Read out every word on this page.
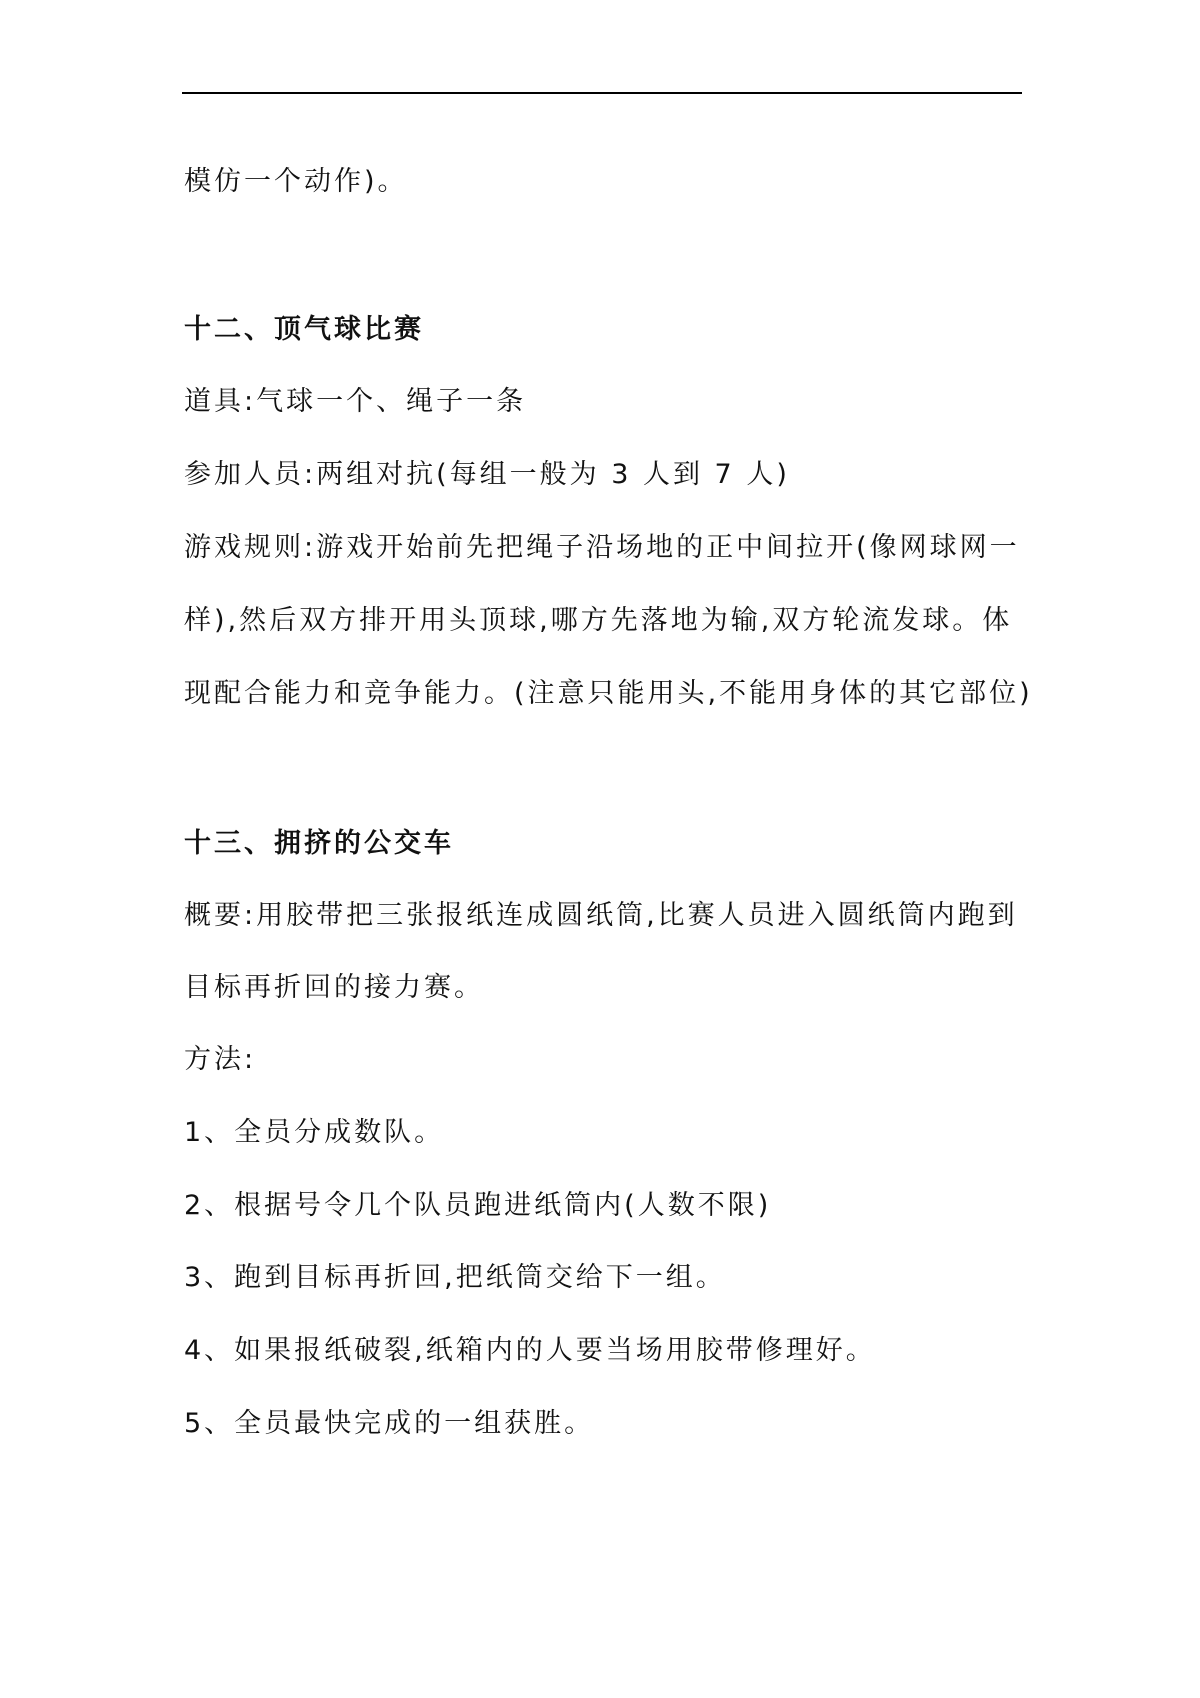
模仿一个动作)。
十二、顶气球比赛
道具:气球一个、绳子一条
参加人员:两组对抗(每组一般为 3 人到 7 人)
游戏规则:游戏开始前先把绳子沿场地的正中间拉开(像网球网一
样),然后双方排开用头顶球,哪方先落地为输,双方轮流发球。体
现配合能力和竞争能力。(注意只能用头,不能用身体的其它部位)
十三、拥挤的公交车
概要:用胶带把三张报纸连成圆纸筒,比赛人员进入圆纸筒内跑到
目标再折回的接力赛。
方法:
1、全员分成数队。
2、根据号令几个队员跑进纸筒内(人数不限)
3、跑到目标再折回,把纸筒交给下一组。
4、如果报纸破裂,纸箱内的人要当场用胶带修理好。
5、全员最快完成的一组获胜。
